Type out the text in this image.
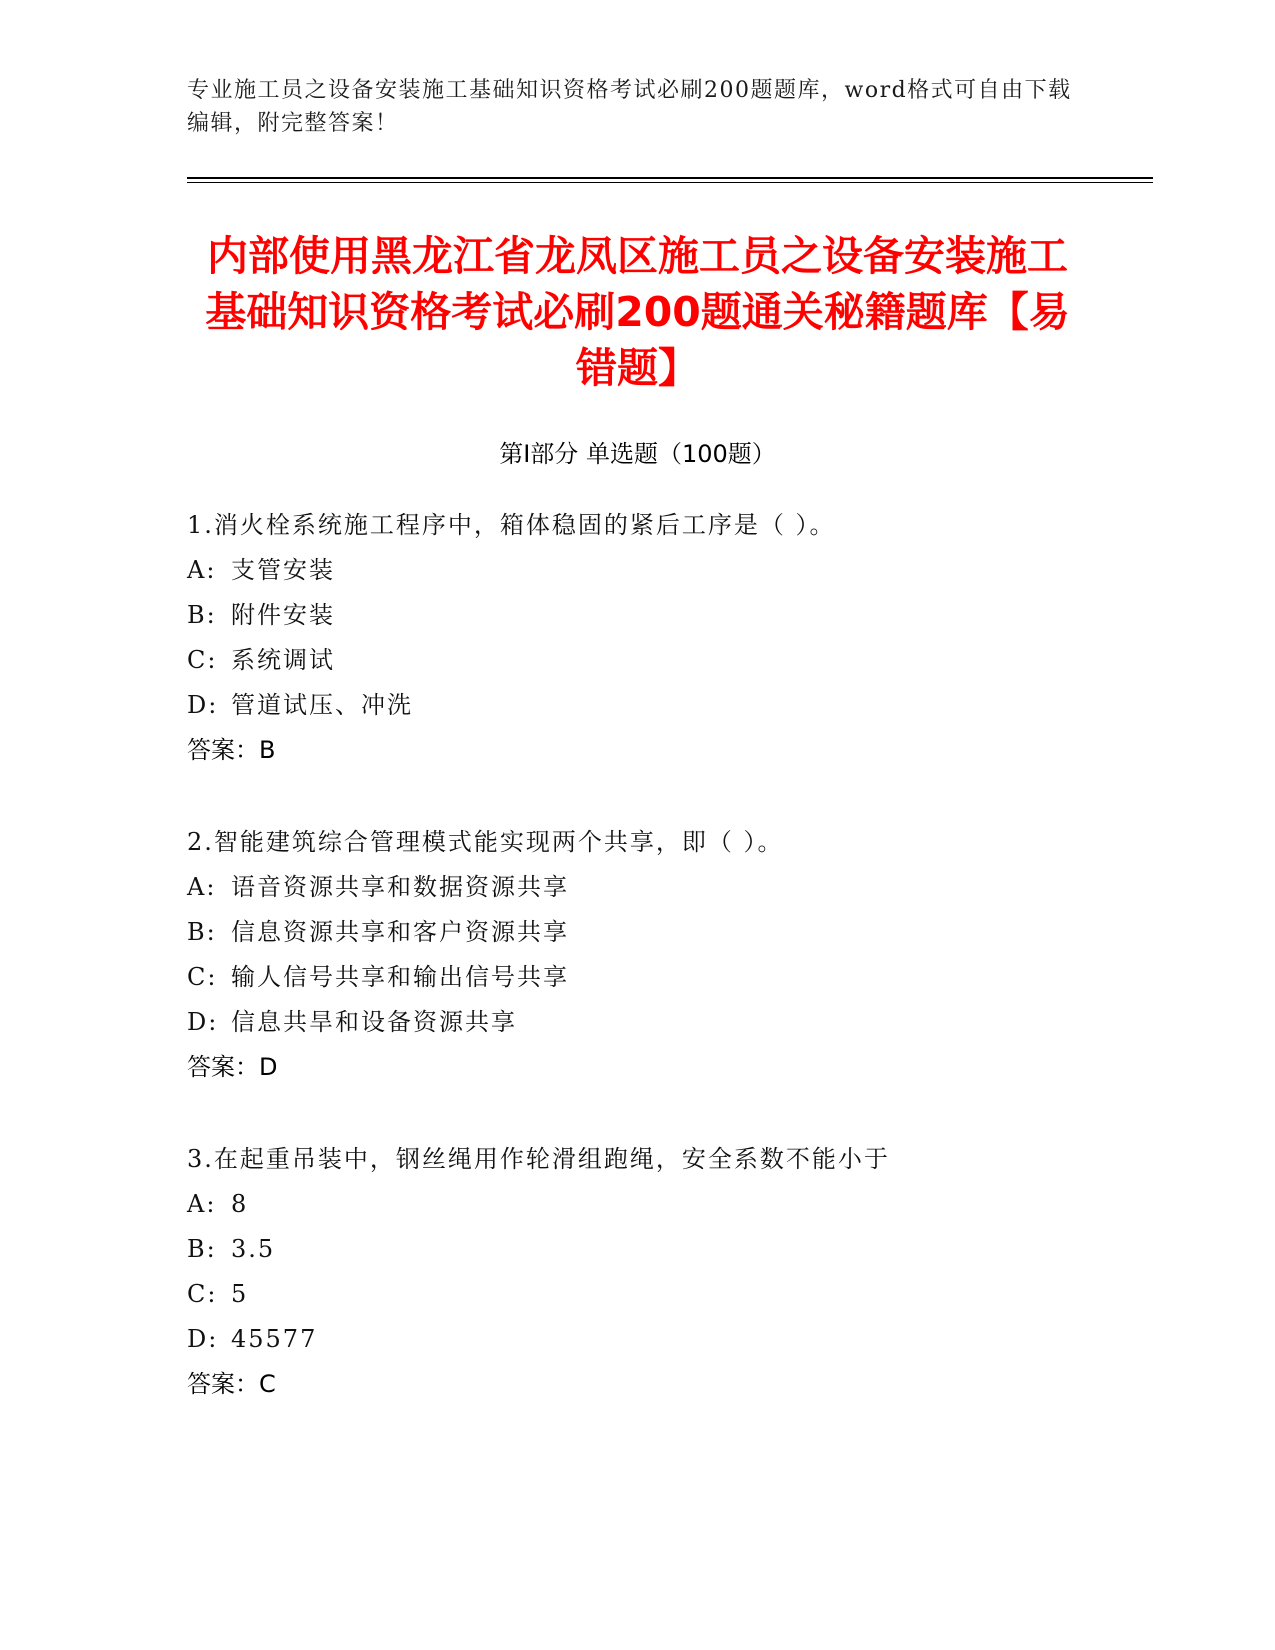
专业施工员之设备安装施工基础知识资格考试必刷200题题库，word格式可自由下载编辑，附完整答案！
内部使用黑龙江省龙凤区施工员之设备安装施工基础知识资格考试必刷200题通关秘籍题库【易错题】
第Ⅰ部分 单选题（100题）
1.消火栓系统施工程序中，箱体稳固的紧后工序是（ ）。
A: 支管安装
B: 附件安装
C: 系统调试
D: 管道试压、冲洗
答案：B
2.智能建筑综合管理模式能实现两个共享，即（ ）。
A: 语音资源共享和数据资源共享
B: 信息资源共享和客户资源共享
C: 输人信号共享和输出信号共享
D: 信息共旱和设备资源共享
答案：D
3.在起重吊装中，钢丝绳用作轮滑组跑绳，安全系数不能小于
A: 8
B: 3.5
C: 5
D: 45577
答案：C
